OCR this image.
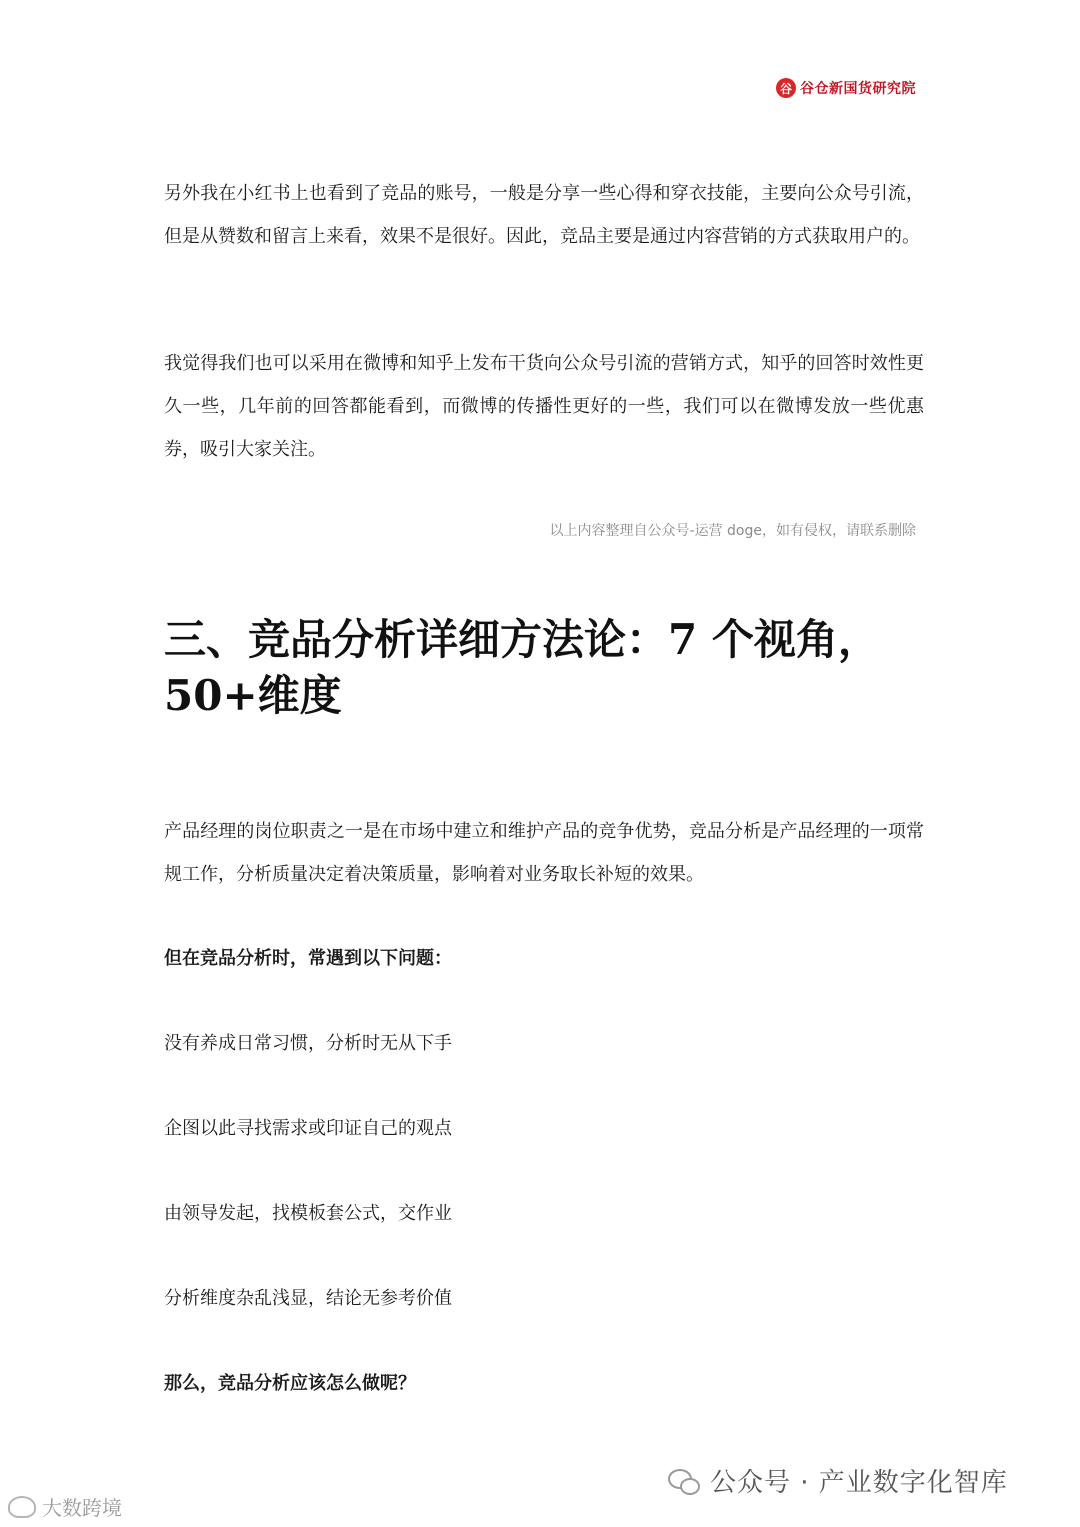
谷 谷仓新国货研究院

另外我在小红书上也看到了竞品的账号，一般是分享一些心得和穿衣技能，主要向公众号引流，但是从赞数和留言上来看，效果不是很好。因此，竞品主要是通过内容营销的方式获取用户的。

我觉得我们也可以采用在微博和知乎上发布干货向公众号引流的营销方式，知乎的回答时效性更久一些，几年前的回答都能看到，而微博的传播性更好的一些，我们可以在微博发放一些优惠券，吸引大家关注。

以上内容整理自公众号-运营 doge，如有侵权，请联系删除
三、竞品分析详细方法论：7 个视角，50+维度

产品经理的岗位职责之一是在市场中建立和维护产品的竞争优势，竞品分析是产品经理的一项常规工作，分析质量决定着决策质量，影响着对业务取长补短的效果。

但在竞品分析时，常遇到以下问题：

没有养成日常习惯，分析时无从下手

企图以此寻找需求或印证自己的观点

由领导发起，找模板套公式，交作业

分析维度杂乱浅显，结论无参考价值

那么，竞品分析应该怎么做呢？

公众号 · 产业数字化智库
大数跨境
